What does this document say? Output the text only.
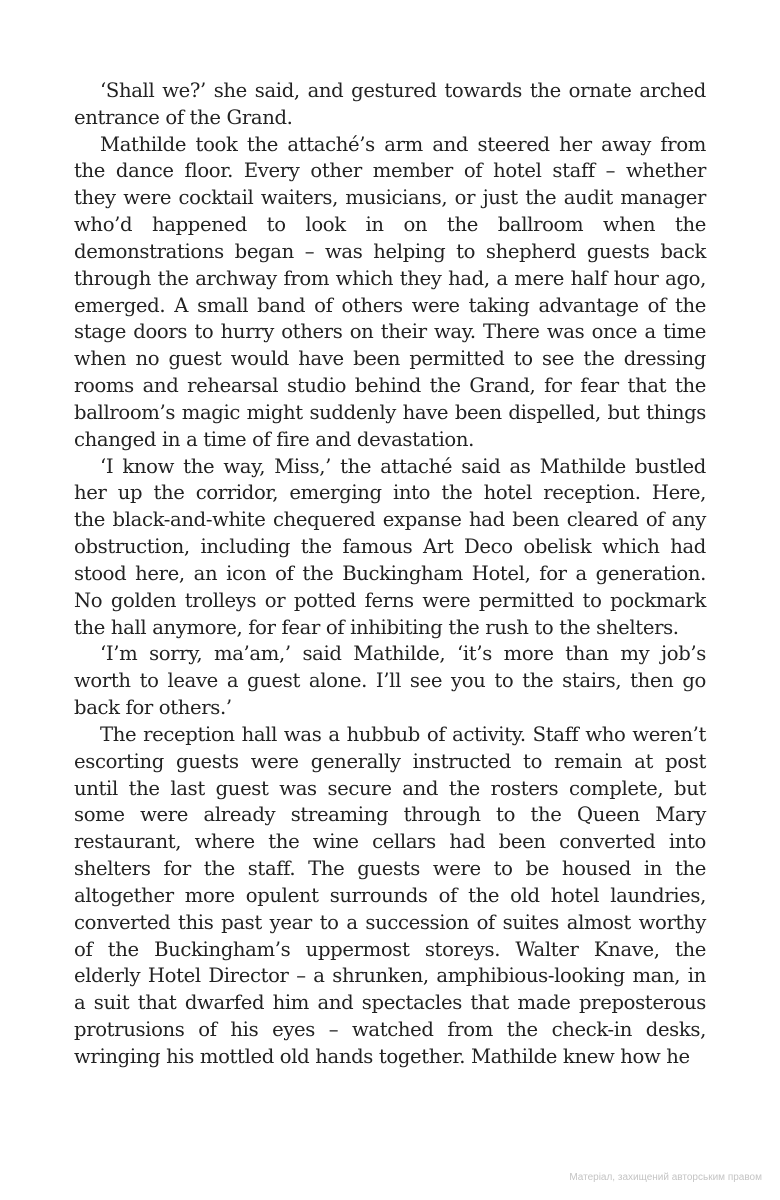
‘Shall we?’ she said, and gestured towards the ornate arched
entrance of the Grand.

Mathilde took the attaché’s arm and steered her away from
the dance floor. Every other member of hotel staff – whether
they were cocktail waiters, musicians, or just the audit manager
who’d happened to look in on the ballroom when the
demonstrations began – was helping to shepherd guests back
through the archway from which they had, a mere half hour ago,
emerged. A small band of others were taking advantage of the
stage doors to hurry others on their way. There was once a time
when no guest would have been permitted to see the dressing
rooms and rehearsal studio behind the Grand, for fear that the
ballroom’s magic might suddenly have been dispelled, but things
changed in a time of fire and devastation.

‘I know the way, Miss,’ the attaché said as Mathilde bustled
her up the corridor, emerging into the hotel reception. Here,
the black-and-white chequered expanse had been cleared of any
obstruction, including the famous Art Deco obelisk which had
stood here, an icon of the Buckingham Hotel, for a generation.
No golden trolleys or potted ferns were permitted to pockmark
the hall anymore, for fear of inhibiting the rush to the shelters.

‘I’m sorry, ma’am,’ said Mathilde, ‘it’s more than my job’s
worth to leave a guest alone. I’ll see you to the stairs, then go
back for others.’

The reception hall was a hubbub of activity. Staff who weren’t
escorting guests were generally instructed to remain at post
until the last guest was secure and the rosters complete, but
some were already streaming through to the Queen Mary
restaurant, where the wine cellars had been converted into
shelters for the staff. The guests were to be housed in the
altogether more opulent surrounds of the old hotel laundries,
converted this past year to a succession of suites almost worthy
of the Buckingham’s uppermost storeys. Walter Knave, the
elderly Hotel Director – a shrunken, amphibious-looking man, in
a suit that dwarfed him and spectacles that made preposterous
protrusions of his eyes – watched from the check-in desks,
wringing his mottled old hands together. Mathilde knew how he

Матеріал, захищений авторським правом
